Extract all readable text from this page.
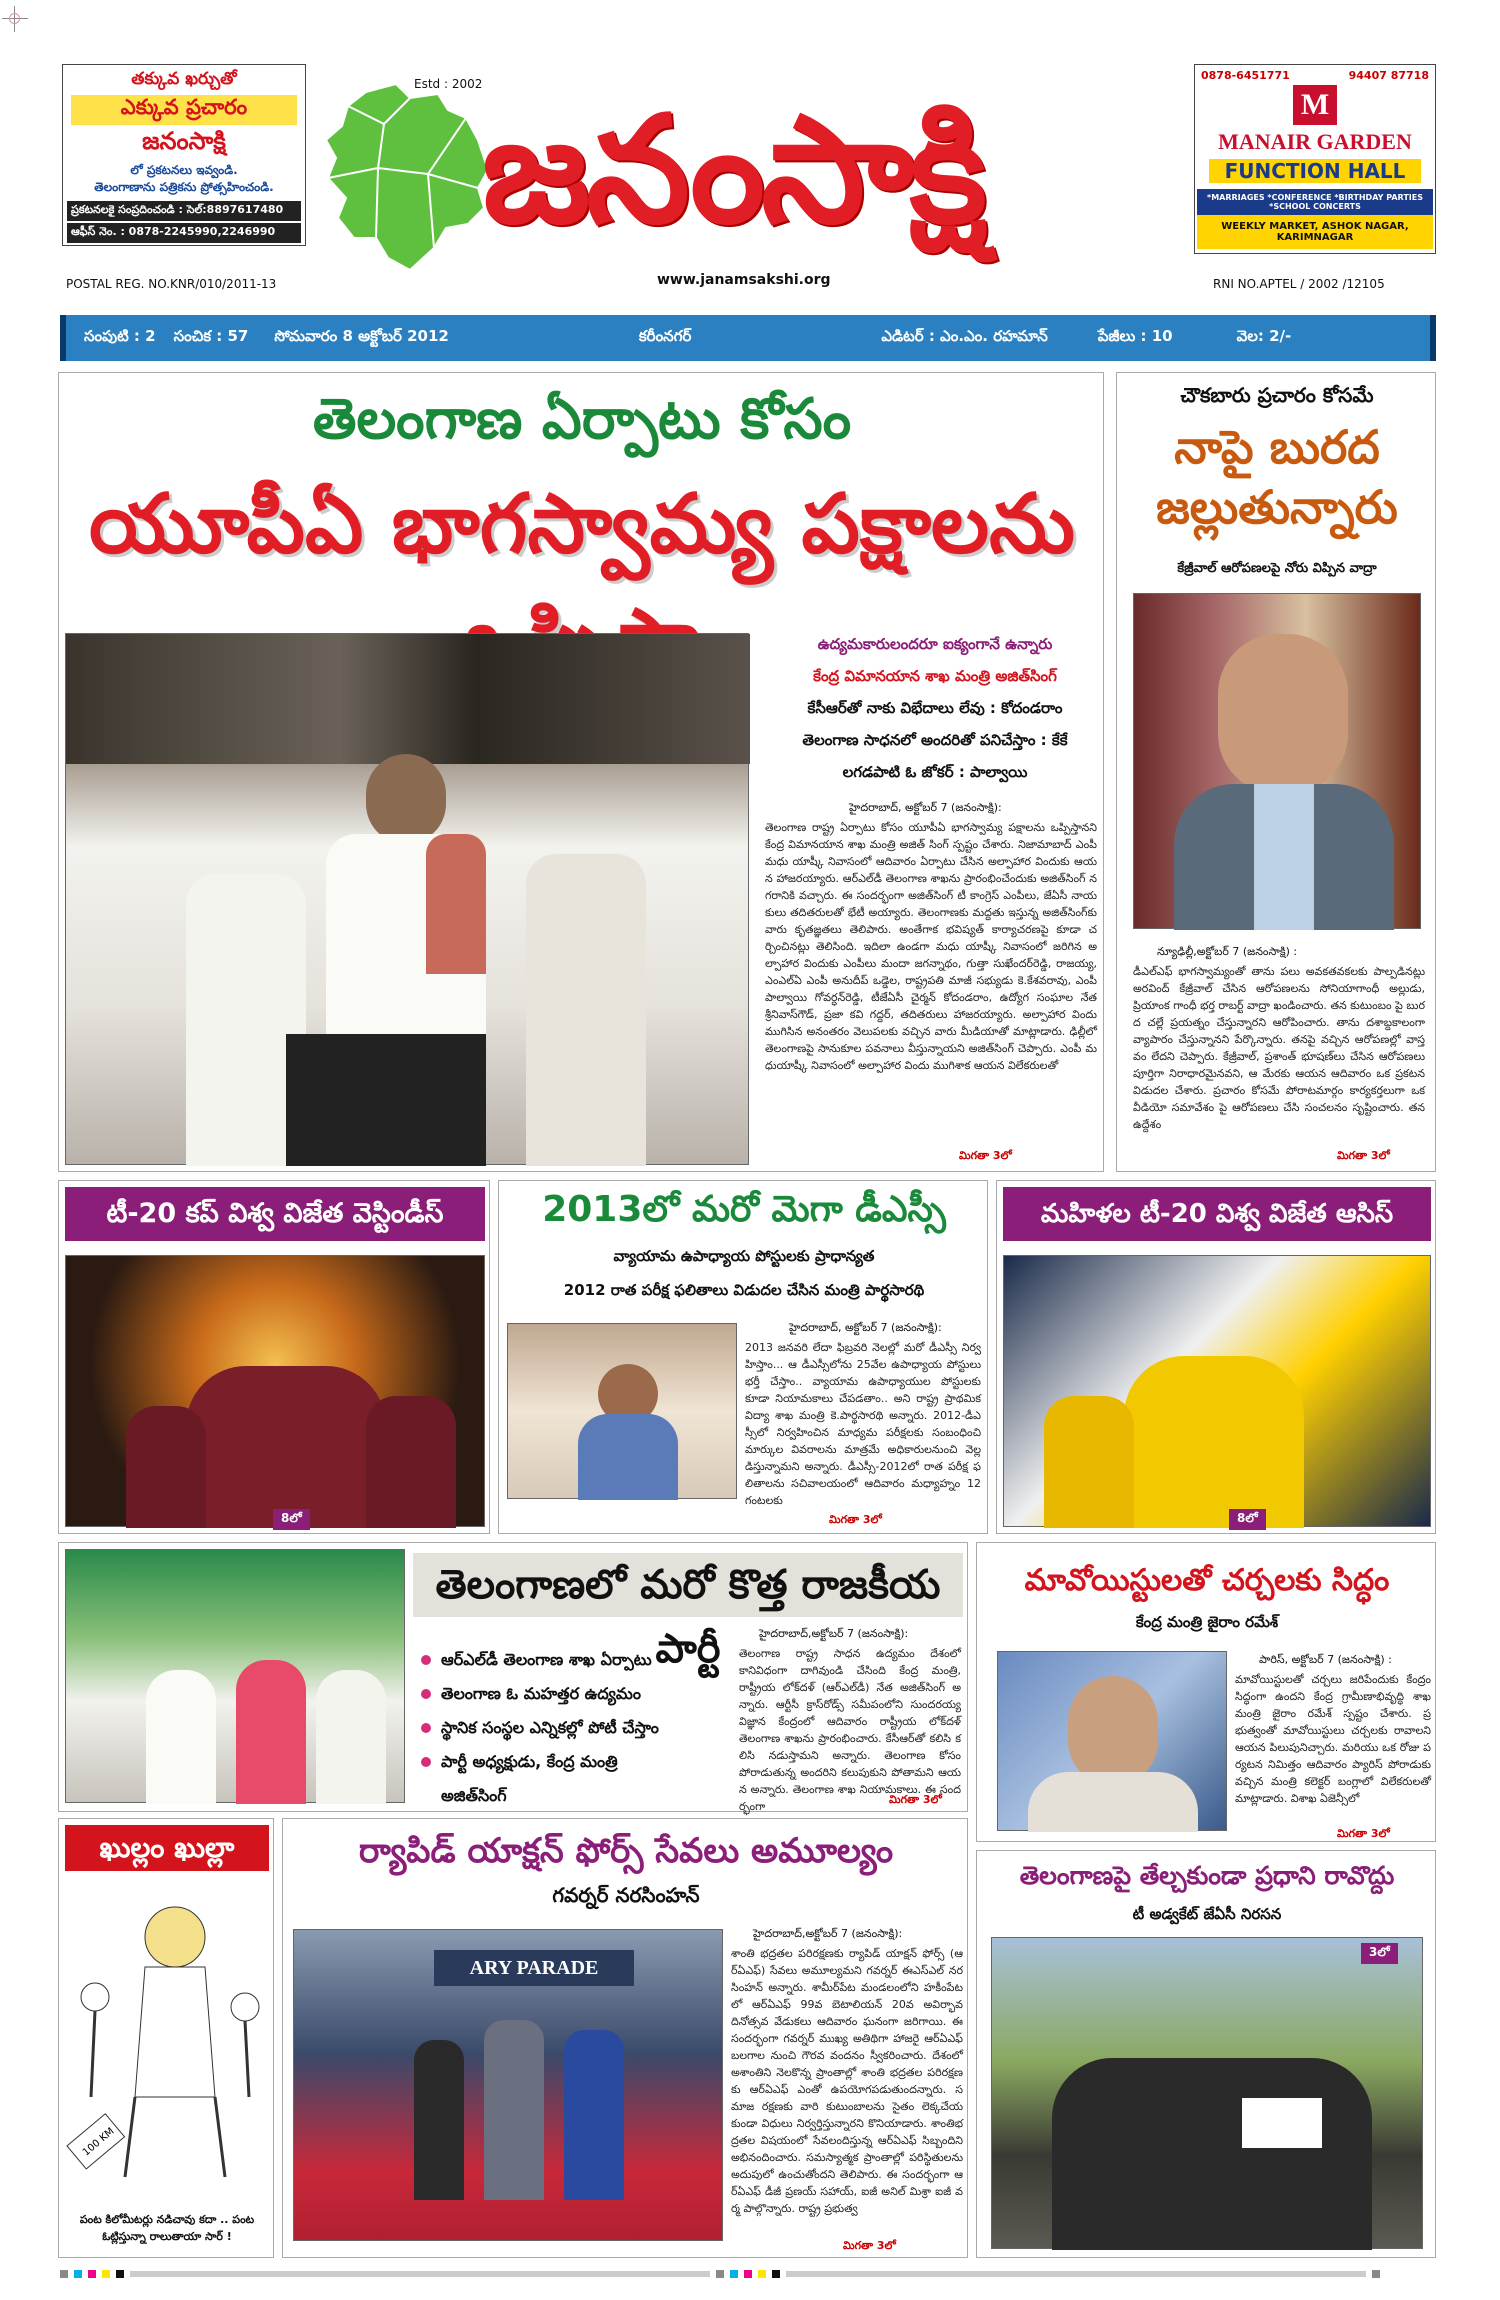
తక్కువ ఖర్చుతో
ఎక్కువ ప్రచారం
జనంసాక్షి
లో ప్రకటనలు ఇవ్వండి.
తెలంగాణాను పత్రికను ప్రోత్సహించండి.
ప్రకటనలకై సంప్రదించండి : సెల్:8897617480
ఆఫీస్ నెం. : 0878-2245990,2246990
Estd : 2002 జనంసాక్షి
POSTAL REG. NO.KNR/010/2011-13	www.janamsakshi.org	RNI NO.APTEL / 2002 /12105
0878-6451771	94407 87718
M
MANAIR GARDEN
FUNCTION HALL
*MARRIAGES *CONFERENCE *BIRTHDAY PARTIES *SCHOOL CONCERTS
WEEKLY MARKET, ASHOK NAGAR, KARIMNAGAR
సంపుటి : 2 సంచిక : 57 సోమవారం 8 అక్టోబర్ 2012	కరీంనగర్	ఎడిటర్ : ఎం.ఎం. రహమాన్	పేజీలు : 10	వెల: 2/-
తెలంగాణ ఏర్పాటు కోసం
యూపీఏ భాగస్వామ్య పక్షాలను
ఉద్యమకారులందరూ ఐక్యంగానే ఉన్నారు
కేంద్ర విమానయాన శాఖ మంత్రి అజిత్‌సింగ్
కేసీఆర్‌తో నాకు విభేదాలు లేవు : కోదండరాం
తెలంగాణ సాధనలో అందరితో పనిచేస్తాం : కేకే
లగడపాటి ఓ జోకర్ : పాల్వాయి
హైదరాబాద్, అక్టోబర్ 7 (జనంసాక్షి):
తెలంగాణ రాష్ట్ర ఏర్పాటు కోసం యూపీఏ భాగస్వామ్య పక్షాలను ఒప్పిస్తానని కేంద్ర విమానయాన శాఖ మంత్రి అజిత్ సింగ్ స్పష్టం చేశారు. నిజామాబాద్ ఎంపీ మధు యాష్కీ నివాసంలో ఆదివారం ఏర్పాటు చేసిన అల్పాహార విందుకు ఆయన హాజరయ్యారు. ఆర్‌ఎల్‌డీ తెలంగాణ శాఖను ప్రారంభించేందుకు అజిత్‌సింగ్ నగరానికి వచ్చారు. ఈ సందర్భంగా అజిత్‌సింగ్ టీ కాంగ్రెస్ ఎంపీలు, జేఏసీ నాయకులు తదితరులతో భేటీ అయ్యారు. తెలంగాణకు మద్దతు ఇస్తున్న అజిత్‌సింగ్‌కు వారు కృతజ్ఞతలు తెలిపారు. అంతేగాక భవిష్యత్ కార్యాచరణపై కూడా చర్చించినట్లు తెలిసింది. ఇదిలా ఉండగా మధు యాష్కీ నివాసంలో జరిగిన అల్పాహార విందుకు ఎంపీలు మందా జగన్నాథం, గుత్తా సుఖేందర్‌రెడ్డి, రాజయ్య, ఎంఎల్‌ఏ ఎంపీ అనుదీప్ ఒడ్డెల, రాష్ట్రపతి మాజీ సభ్యుడు కె.కేశవరావు, ఎంపీ పాల్వాయి గోవర్ధన్‌రెడ్డి, టీజేఏసీ చైర్మన్ కోదండరాం, ఉద్యోగ సంఘాల నేత శ్రీనివాస్‌గౌడ్, ప్రజా కవి గద్దర్, తదితరులు హాజరయ్యారు. అల్పాహార విందు ముగిసిన అనంతరం వెలుపలకు వచ్చిన వారు మీడియాతో మాట్లాడారు. ఢిల్లీలో తెలంగాణపై సానుకూల పవనాలు వీస్తున్నాయని అజిత్‌సింగ్ చెప్పారు. ఎంపీ మధుయాష్కీ నివాసంలో అల్పాహార విందు ముగిశాక ఆయన విలేకరులతో
మిగతా 3లో
చౌకబారు ప్రచారం కోసమే
నాపై బురద జల్లుతున్నారు
కేజ్రీవాల్ ఆరోపణలపై నోరు విప్పిన వాద్రా
న్యూఢిల్లీ,అక్టోబర్ 7 (జనంసాక్షి) :
డీఎల్‌ఎఫ్ భాగస్వామ్యంతో తాను పలు అవకతవకలకు పాల్పడినట్లు అరవింద్ కేజ్రీవాల్ చేసిన ఆరోపణలను సోనియాగాంధీ అల్లుడు, ప్రియాంక గాంధీ భర్త రాబర్ట్ వాద్రా ఖండించారు. తన కుటుంబం పై బురద చల్లే ప్రయత్నం చేస్తున్నారని ఆరోపించారు. తాను దశాబ్దకాలంగా వ్యాపారం చేస్తున్నానని పేర్కొన్నారు. తనపై వచ్చిన ఆరోపణల్లో వాస్తవం లేదని చెప్పారు. కేజ్రీవాల్, ప్రశాంత్ భూషణ్‌లు చేసిన ఆరోపణలు పూర్తిగా నిరాధారమైనవని, ఆ మేరకు ఆయన ఆదివారం ఒక ప్రకటన విడుదల చేశారు. ప్రచారం కోసమే పోరాటమార్గం కార్యకర్తలుగా ఒక వీడియో సమావేశం పై ఆరోపణలు చేసి సంచలనం సృష్టించారు. తన ఉద్దేశం
మిగతా 3లో
టీ-20 కప్ విశ్వ విజేత వెస్టిండీస్
8లో
2013లో మరో మెగా డీఎస్సీ
వ్యాయామ ఉపాధ్యాయ పోస్టులకు ప్రాధాన్యత
2012 రాత పరీక్ష ఫలితాలు విడుదల చేసిన మంత్రి పార్థసారథి
హైదరాబాద్, అక్టోబర్ 7 (జనంసాక్షి):
2013 జనవరి లేదా ఫిబ్రవరి నెలల్లో మరో డీఎస్సీ నిర్వహిస్తాం... ఆ డీఎస్సీలోను 25వేల ఉపాధ్యాయ పోస్టులు భర్తీ చేస్తాం.. వ్యాయామ ఉపాధ్యాయుల పోస్టులకు కూడా నియామకాలు చేపడతాం.. అని రాష్ట్ర ప్రాథమిక విద్యా శాఖ మంత్రి కె.పార్థసారథి అన్నారు. 2012-డీఎస్సీలో నిర్వహించిన మాధ్యమ పరీక్షలకు సంబంధించి మార్కుల వివరాలను మాత్రమే అధికారులనుంచి వెల్లడిస్తున్నామని అన్నారు. డీఎస్సీ-2012లో రాత పరీక్ష ఫలితాలను సచివాలయంలో ఆదివారం మధ్యాహ్నం 12 గంటలకు
మిగతా 3లో
మహిళల టీ-20 విశ్వ విజేత ఆసిస్
8లో
తెలంగాణలో మరో కొత్త రాజకీయ పార్టీ
ఆర్‌ఎల్‌డీ తెలంగాణ శాఖ ఏర్పాటు
తెలంగాణ ఓ మహత్తర ఉద్యమం
స్థానిక సంస్థల ఎన్నికల్లో పోటీ చేస్తాం
పార్టీ అధ్యక్షుడు, కేంద్ర మంత్రి అజిత్‌సింగ్
హైదరాబాద్,అక్టోబర్ 7 (జనంసాక్షి):
తెలంగాణ రాష్ట్ర సాధన ఉద్యమం దేశంలో కానివిధంగా దాగివుండి చేసింది కేంద్ర మంత్రి, రాష్ట్రీయ లోక్‌దళ్ (ఆర్‌ఎల్‌డీ) నేత అజిత్‌సింగ్ అన్నారు. ఆర్టీసీ క్రాస్‌రోడ్స్ సమీపంలోని సుందరయ్య విజ్ఞాన కేంద్రంలో ఆదివారం రాష్ట్రీయ లోక్‌దళ్ తెలంగాణ శాఖను ప్రారంభించారు. కేసీఆర్‌తో కలిసి కలిసి నడుస్తామని అన్నారు. తెలంగాణ కోసం పోరాడుతున్న అందరిని కలుపుకుని పోతామని ఆయన అన్నారు. తెలంగాణ శాఖ నియామకాలు. ఈ సందర్భంగా
మిగతా 3లో
మావోయిస్టులతో చర్చలకు సిద్ధం
కేంద్ర మంత్రి జైరాం రమేశ్
పారిస్, అక్టోబర్ 7 (జనంసాక్షి) :
మావోయిస్టులతో చర్చలు జరిపేందుకు కేంద్రం సిద్ధంగా ఉందని కేంద్ర గ్రామీణాభివృద్ధి శాఖ మంత్రి జైరాం రమేశ్ స్పష్టం చేశారు. ప్రభుత్వంతో మావోయిస్టులు చర్చలకు రావాలని ఆయన పిలుపునిచ్చారు. మరియు ఒక రోజు పర్యటన నిమిత్తం ఆదివారం ప్యారిస్ పోరాడుకు వచ్చిన మంత్రి కలెక్టర్ బంగ్లాలో విలేకరులతో మాట్లాడారు. విశాఖ ఏజెన్సీలో
మిగతా 3లో
ఖుల్లం ఖుల్లా
100 KM
పంట కిలోమీటర్లు నడిచావు కదా .. పంట ఓట్లిస్తున్నా రాలుతాయా సార్ !
ర్యాపిడ్ యాక్షన్ ఫోర్స్ సేవలు అమూల్యం
గవర్నర్ నరసింహన్
ARY PARADE
హైదరాబాద్,అక్టోబర్ 7 (జనంసాక్షి):
శాంతి భద్రతల పరిరక్షణకు ర్యాపిడ్ యాక్షన్ ఫోర్స్ (ఆర్‌ఏఎఫ్) సేవలు అమూల్యమని గవర్నర్ ఈఎస్‌ఎల్ నరసింహన్ అన్నారు. శామీర్‌పేట మండలంలోని హకీంపేటలో ఆర్‌ఏఎఫ్ 99వ బెటాలియన్ 20వ అవిర్భావ దినోత్సవ వేడుకలు ఆదివారం ఘనంగా జరిగాయి. ఈ సందర్భంగా గవర్నర్ ముఖ్య అతిథిగా హాజరై ఆర్‌ఏఎఫ్ బలగాల నుంచి గౌరవ వందనం స్వీకరించారు. దేశంలో అశాంతిని నెలకొన్న ప్రాంతాల్లో శాంతి భద్రతల పరిరక్షణకు ఆర్‌ఏఎఫ్ ఎంతో ఉపయోగపడుతుందన్నారు. సమాజ రక్షణకు వారి కుటుంబాలను సైతం లెక్కచేయకుండా విధులు నిర్వర్తిస్తున్నారని కొనియాడారు. శాంతిభద్రతల విషయంలో సేవలందిస్తున్న ఆర్‌ఏఎఫ్ సిబ్బందిని అభినందించారు. సమస్యాత్మక ప్రాంతాల్లో పరిస్థితులను అదుపులో ఉంచుతోందని తెలిపారు. ఈ సందర్భంగా ఆర్‌ఏఎఫ్ డీజీ ప్రణయ్ సహాయ్, ఐజీ అనిల్ మిశ్రా ఐజీ వర్మ పాల్గొన్నారు. రాష్ట్ర ప్రభుత్వ
మిగతా 3లో
తెలంగాణపై తేల్చకుండా ప్రధాని రావొద్దు
టీ అడ్వకేట్ జేఏసీ నిరసన
3లో
